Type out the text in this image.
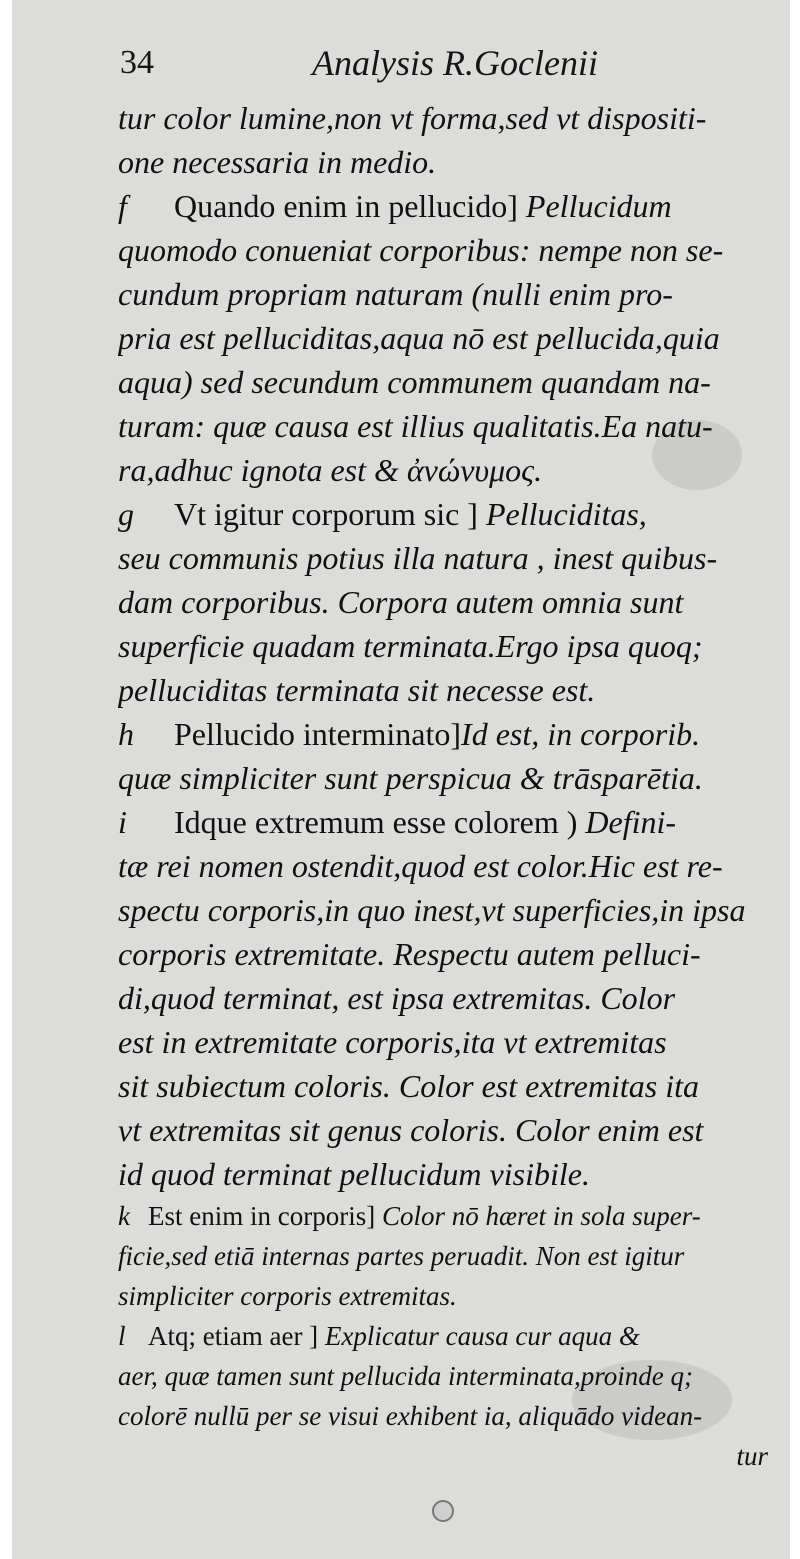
34	Analysis R.Goclenii
tur color lumine,non vt forma,sed vt dispositi-
one necessaria in medio.
f Quando enim in pellucido] Pellucidum
quomodo conueniat corporibus: nempe non se-
cundum propriam naturam (nulli enim pro-
pria est pelluciditas,aqua nō est pellucida,quia
aqua) sed secundum communem quandam na-
turam: quæ causa est illius qualitatis.Ea natu-
ra,adhuc ignota est & ἀνώνυμος.
g Vt igitur corporum sic ] Pelluciditas,
seu communis potius illa natura , inest quibus-
dam corporibus. Corpora autem omnia sunt
superficie quadam terminata.Ergo ipsa quoq;
pelluciditas terminata sit necesse est.
h Pellucido interminato]Id est, in corporib.
quæ simpliciter sunt perspicua & trāsparētia.
i Idque extremum esse colorem ) Defini-
tæ rei nomen ostendit,quod est color.Hic est re-
spectu corporis,in quo inest,vt superficies,in ipsa
corporis extremitate. Respectu autem pelluci-
di,quod terminat, est ipsa extremitas. Color
est in extremitate corporis,ita vt extremitas
sit subiectum coloris. Color est extremitas ita
vt extremitas sit genus coloris. Color enim est
id quod terminat pellucidum visibile.
k Est enim in corporis] Color nō hæret in sola super-
ficie,sed etiā internas partes peruadit. Non est igitur
simpliciter corporis extremitas.
l Atq; etiam aer ] Explicatur causa cur aqua &
aer, quæ tamen sunt pellucida interminata,proinde q;
colorē nullū per se visui exhibent ia, aliquādo videan-
tur
